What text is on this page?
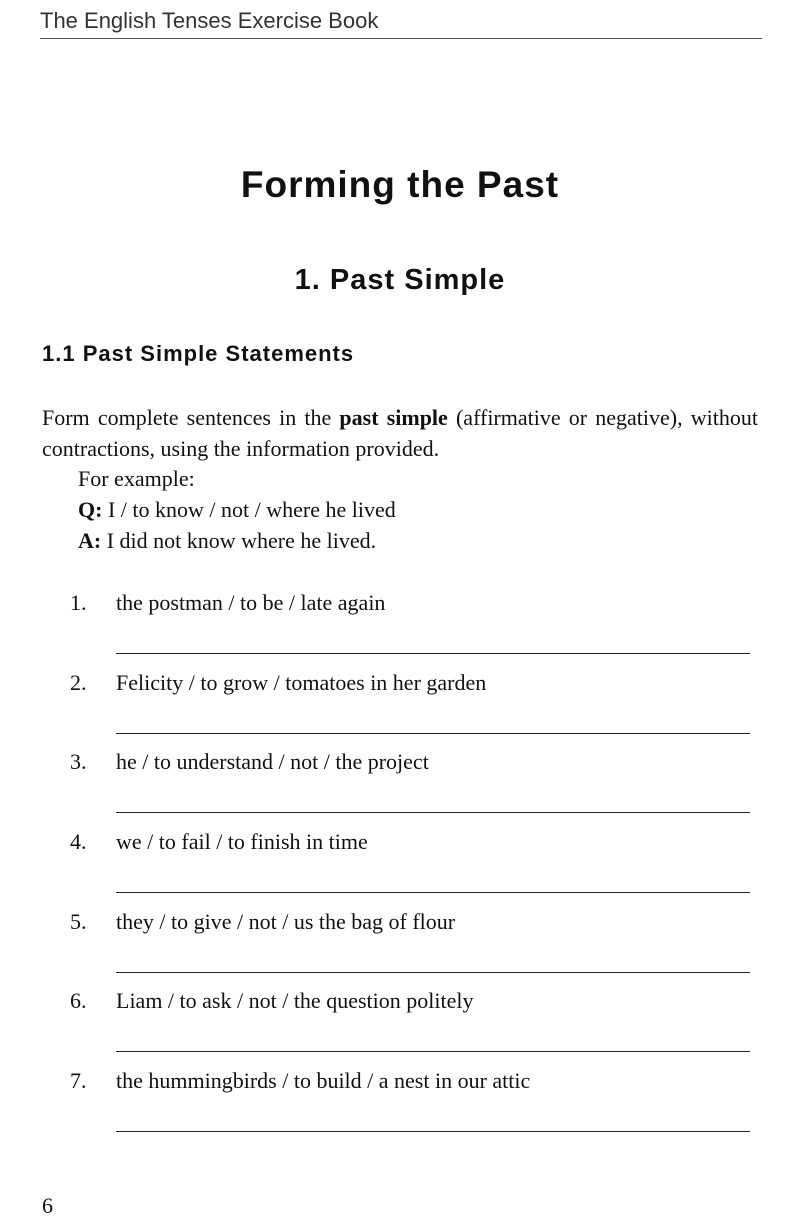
The English Tenses Exercise Book
Forming the Past
1. Past Simple
1.1 Past Simple Statements

Form complete sentences in the past simple (affirmative or negative), without contractions, using the information provided.

For example:
Q: I / to know / not / where he lived
A: I did not know where he lived.
1. the postman / to be / late again
2. Felicity / to grow / tomatoes in her garden
3. he / to understand / not / the project
4. we / to fail / to finish in time
5. they / to give / not / us the bag of flour
6. Liam / to ask / not / the question politely
7. the hummingbirds / to build / a nest in our attic
6
